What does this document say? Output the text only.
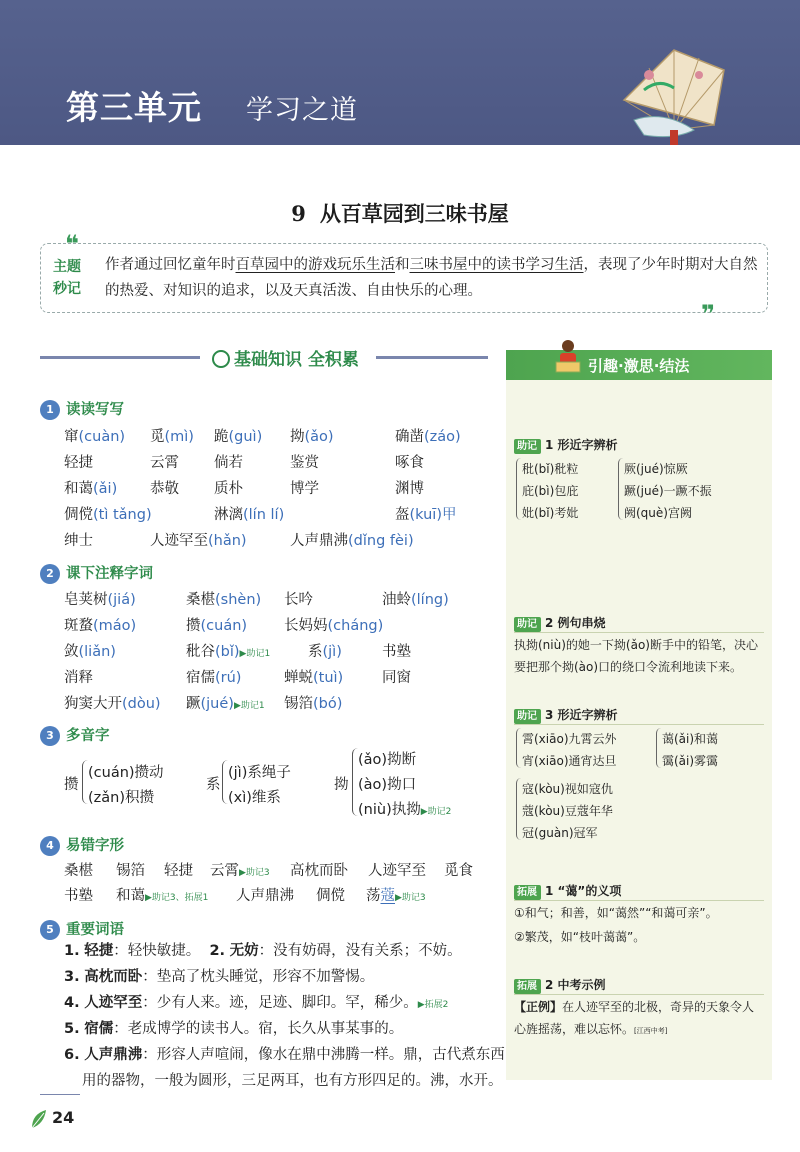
第三单元 学习之道
9 从百草园到三味书屋
❝
主题
秒记
作者通过回忆童年时百草园中的游戏玩乐生活和三味书屋中的读书学习生活，表现了少年时期对大自然的热爱、对知识的追求，以及天真活泼、自由快乐的心理。
❞
基础知识 全积累
1 读读写写
窜(cuàn) 觅(mì) 跪(guì) 拗(ǎo)	确凿(záo)
轻捷	云霄 倘若	鉴赏	啄食
和蔼(ǎi) 恭敬 质朴	博学	渊博
倜傥(tì tǎng)	淋漓(lín lí)	盔(kuī)甲
绅士	人迹罕至(hǎn)	人声鼎沸(dǐng fèi)
2 课下注释字词
皂荚树(jiá)	桑椹(shèn) 长吟	油蛉(líng)
斑蝥(máo)	攒(cuán)	长妈妈(cháng)
敛(liǎn)	秕谷(bǐ)▶助记1	系(jì)	书塾
消释	宿儒(rú)	蝉蜕(tuì)	同窗
狗窦大开(dòu) 蹶(jué)▶助记1 锡箔(bó)
3 多音字
攒
(cuán)攒动
(zǎn)积攒
系
(jì)系绳子
(xì)维系
拗
(ǎo)拗断
(ào)拗口
(niù)执拗▶助记2
4 易错字形
桑椹 锡箔 轻捷 云霄▶助记3 高枕而卧 人迹罕至 觅食
书塾 和蔼▶助记3、拓展1 人声鼎沸 倜傥 荡蔻▶助记3
5 重要词语
1. 轻捷：轻快敏捷。 2. 无妨：没有妨碍，没有关系；不妨。
3. 高枕而卧：垫高了枕头睡觉，形容不加警惕。
4. 人迹罕至：少有人来。迹，足迹、脚印。罕，稀少。▶拓展2
5. 宿儒：老成博学的读书人。宿，长久从事某事的。
6. 人声鼎沸：形容人声喧闹，像水在鼎中沸腾一样。鼎，古代煮东西
用的器物，一般为圆形，三足两耳，也有方形四足的。沸，水开。
引趣·激思·结法
助记 1 形近字辨析
秕(bǐ)秕粒
庇(bì)包庇
妣(bǐ)考妣
厥(jué)惊厥
蹶(jué)一蹶不振
阙(què)宫阙
助记 2 例句串烧
执拗(niù)的她一下拗(ǎo)断手中的铅笔，决心要把那个拗(ào)口的绕口令流利地读下来。
助记 3 形近字辨析
霄(xiāo)九霄云外
宵(xiāo)通宵达旦
蔼(ǎi)和蔼
霭(ǎi)雾霭
寇(kòu)视如寇仇
蔻(kòu)豆蔻年华
冠(guàn)冠军
拓展 1 “蔼”的义项
①和气；和善，如“蔼然”“和蔼可亲”。
②繁茂，如“枝叶蔼蔼”。
拓展 2 中考示例
【正例】在人迹罕至的北极，奇异的天象令人心旌摇荡，难以忘怀。[江西中考]
24
